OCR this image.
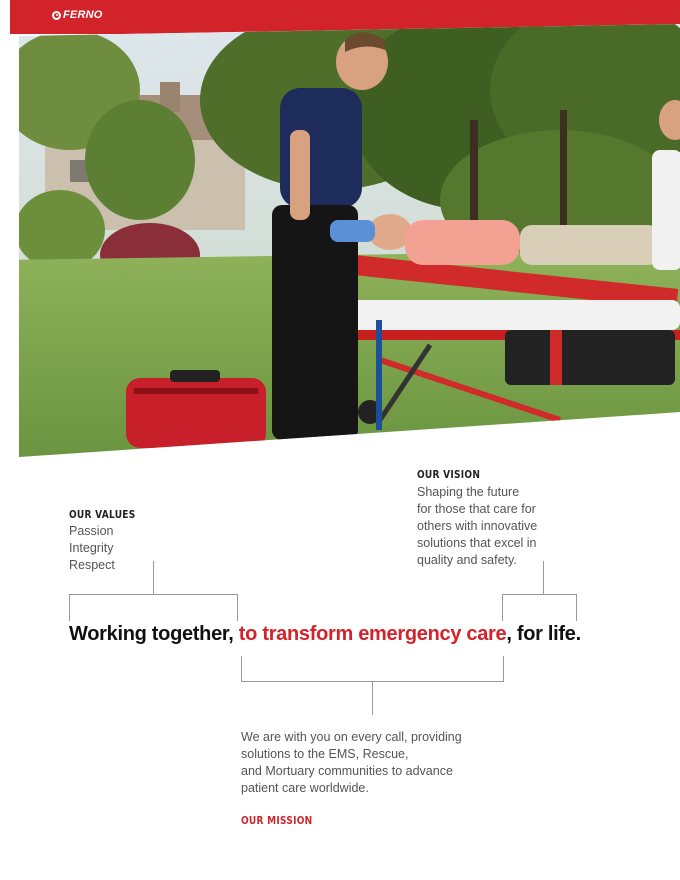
FERNO
OUR VISION
Shaping the future
for those that care for
others with innovative
solutions that excel in
quality and safety.
OUR VALUES
Passion
Integrity
Respect
Working together, to transform emergency care, for life.
We are with you on every call, providing
solutions to the EMS, Rescue,
and Mortuary communities to advance
patient care worldwide.
OUR MISSION
